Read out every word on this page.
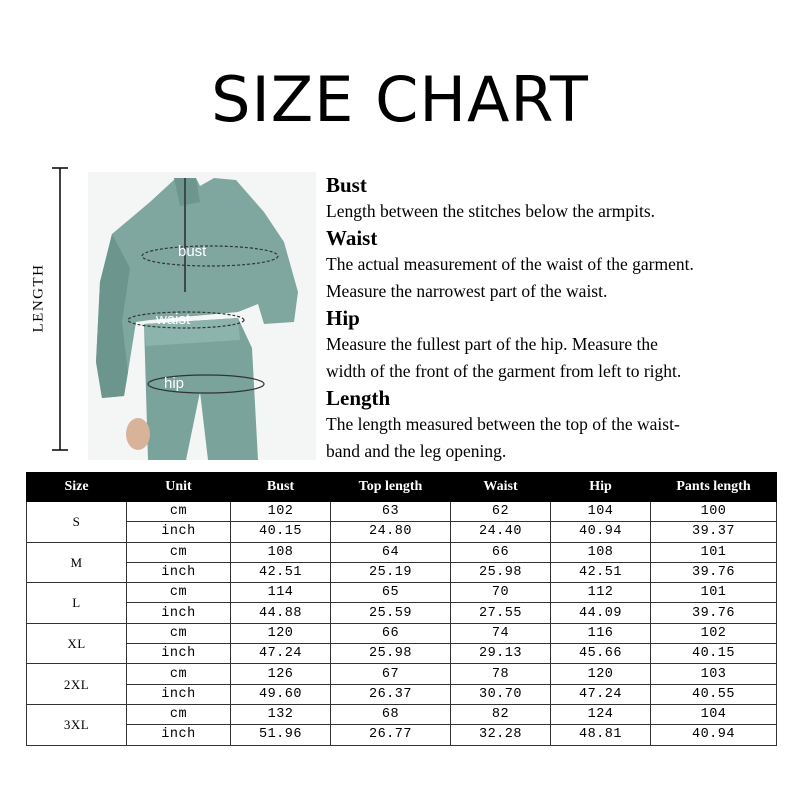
SIZE CHART
LENGTH
bust
waist
hip
Bust
Length between the stitches below the armpits.
Waist
The actual measurement of the waist of the garment.
Measure the narrowest part of the waist.
Hip
Measure the fullest part of the hip. Measure the
width of the front of the garment from left to right.
Length
The length measured between the top of the waist-
band and the leg opening.
Size	Unit	Bust	Top length	Waist	Hip	Pants length
S	cm	102	63	62	104	100
	inch	40.15	24.80	24.40	40.94	39.37
M	cm	108	64	66	108	101
	inch	42.51	25.19	25.98	42.51	39.76
L	cm	114	65	70	112	101
	inch	44.88	25.59	27.55	44.09	39.76
XL	cm	120	66	74	116	102
	inch	47.24	25.98	29.13	45.66	40.15
2XL	cm	126	67	78	120	103
	inch	49.60	26.37	30.70	47.24	40.55
3XL	cm	132	68	82	124	104
	inch	51.96	26.77	32.28	48.81	40.94
